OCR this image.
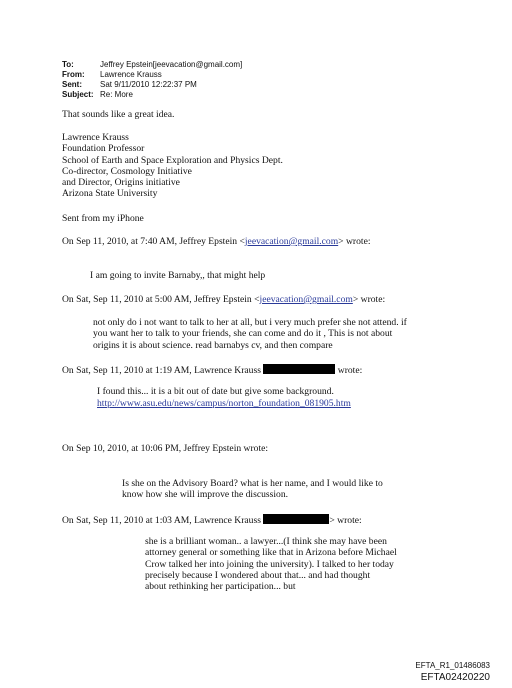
To:	Jeffrey Epstein[jeevacation@gmail.com]
From:	Lawrence Krauss
Sent:	Sat 9/11/2010 12:22:37 PM
Subject: Re: More
That sounds like a great idea.
Lawrence Krauss
Foundation Professor
School of Earth and Space Exploration and Physics Dept.
Co-director, Cosmology Initiative
and Director, Origins initiative
Arizona State University
Sent from my iPhone
On Sep 11, 2010, at 7:40 AM, Jeffrey Epstein <jeevacation@gmail.com> wrote:
I am going to invite Barnaby,, that might help
On Sat, Sep 11, 2010 at 5:00 AM, Jeffrey Epstein <jeevacation@gmail.com> wrote:
not only do i not want to talk to her at all, but i very much prefer she not attend. if
you want her to talk to your friends, she can come and do it , This is not about
origins it is about science. read barnabys cv, and then compare
On Sat, Sep 11, 2010 at 1:19 AM, Lawrence Krauss	wrote:
I found this... it is a bit out of date but give some background.
http://www.asu.edu/news/campus/norton_foundation_081905.htm
On Sep 10, 2010, at 10:06 PM, Jeffrey Epstein wrote:
Is she on the Advisory Board? what is her name, and I would like to
know how she will improve the discussion.
On Sat, Sep 11, 2010 at 1:03 AM, Lawrence Krauss	> wrote:
she is a brilliant woman.. a lawyer...(I think she may have been
attorney general or something like that in Arizona before Michael
Crow talked her into joining the university). I talked to her today
precisely because I wondered about that... and had thought
about rethinking her participation... but
EFTA_R1_01486083
EFTA02420220
